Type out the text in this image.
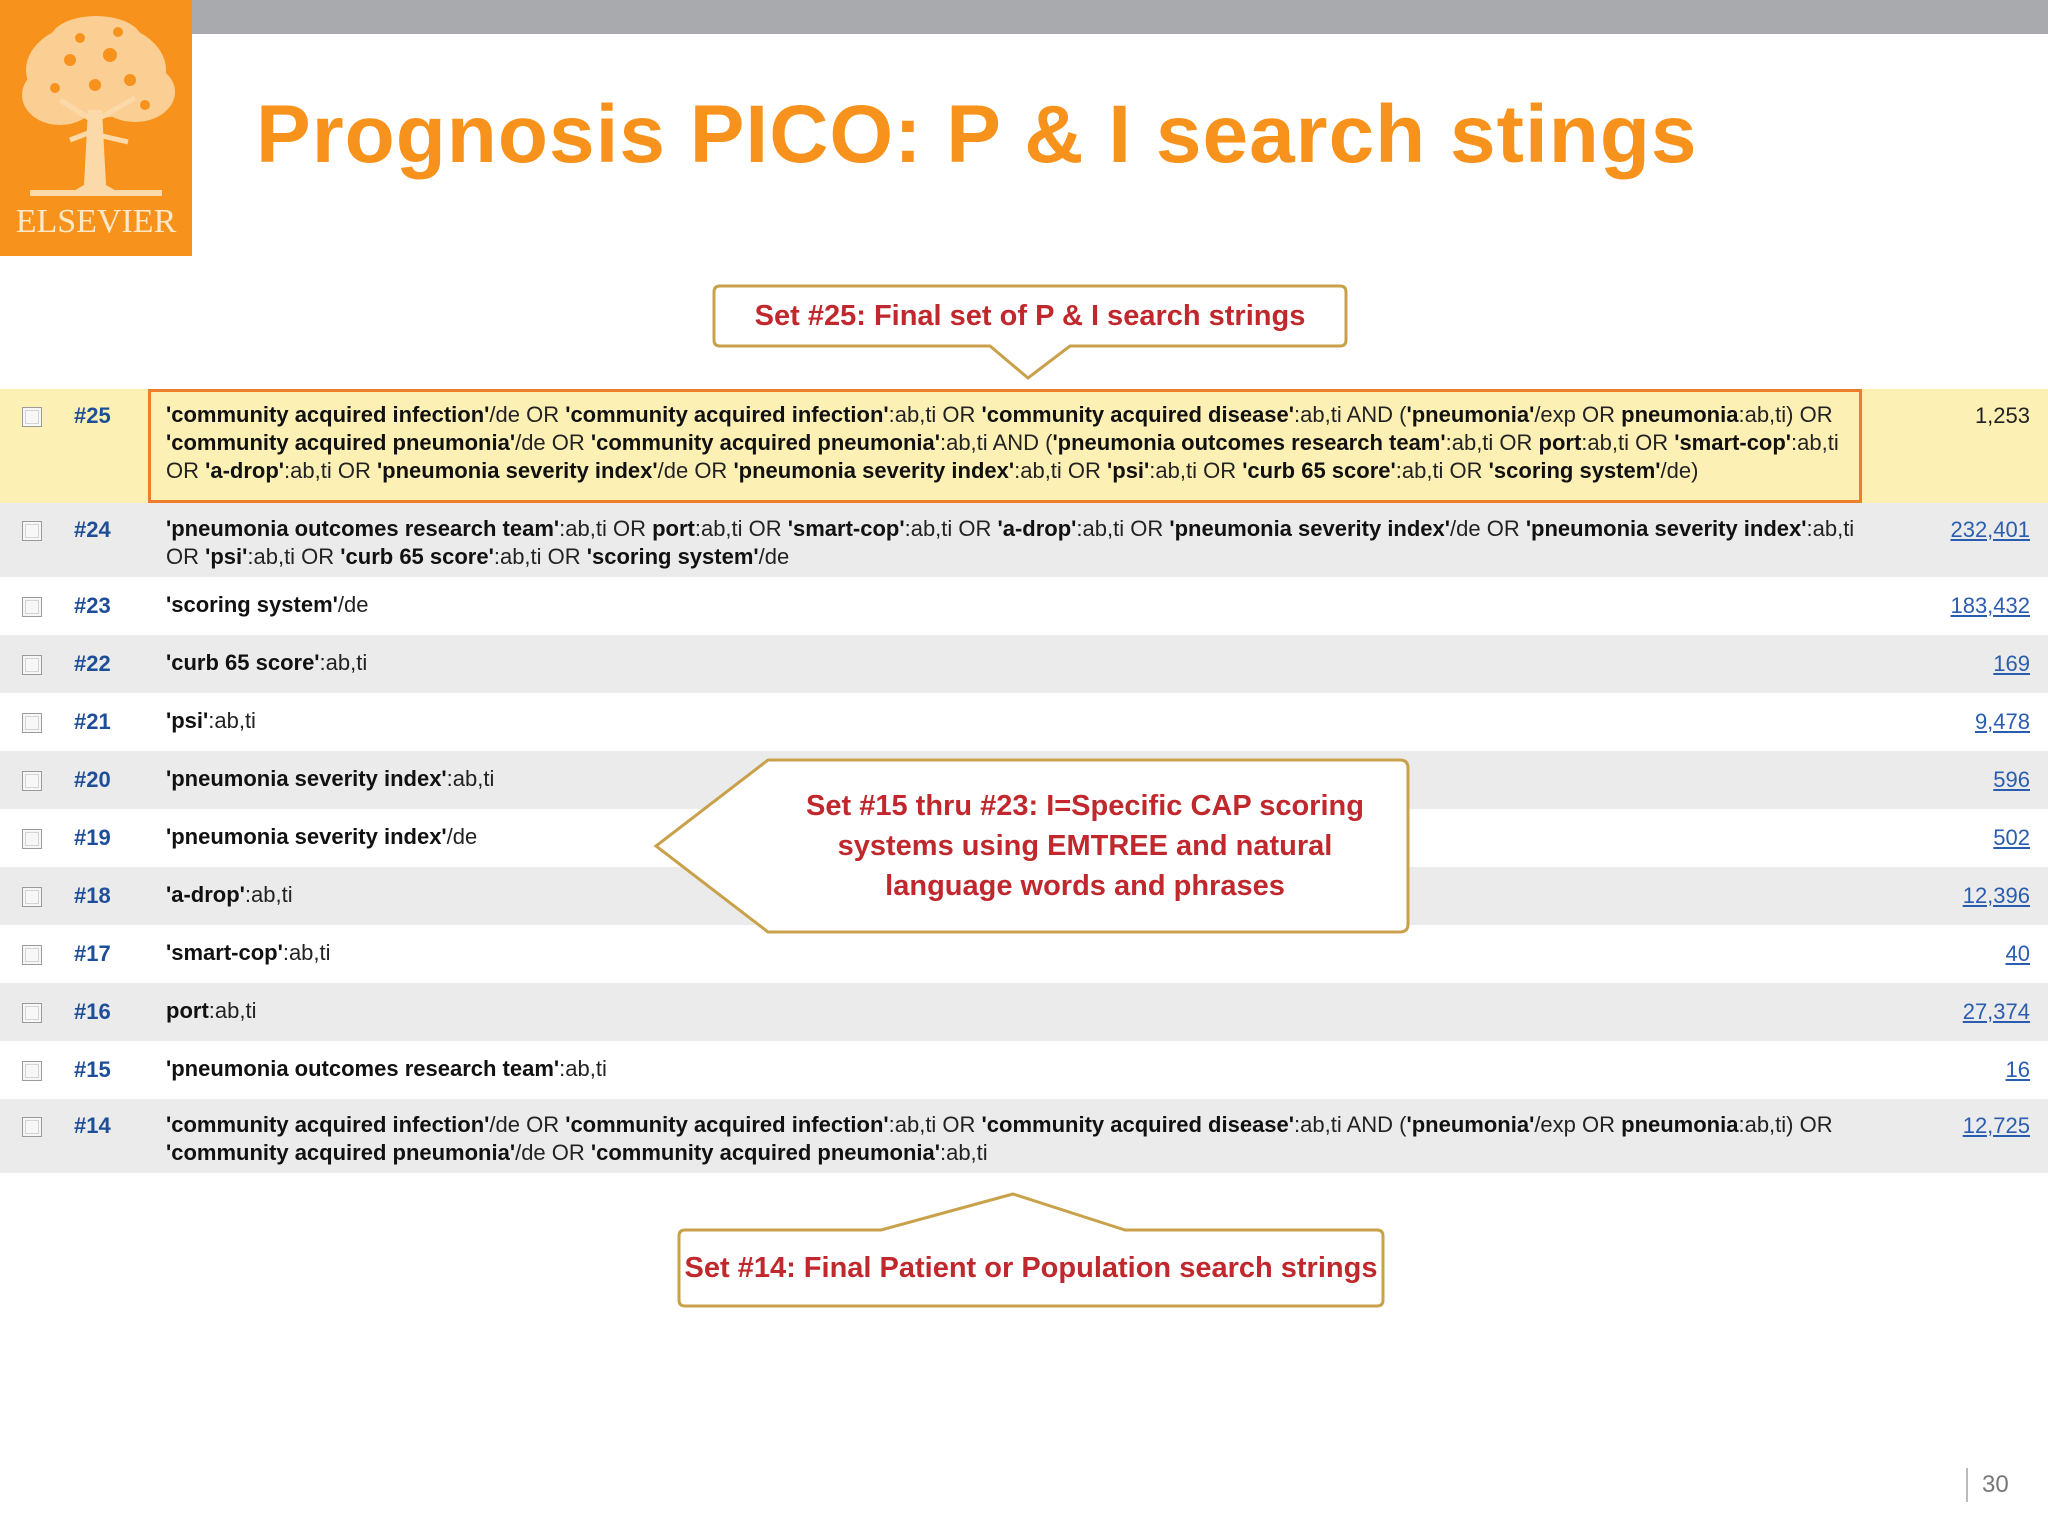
ELSEVIER
Prognosis PICO: P & I search stings
Set #25: Final set of P & I search strings
#25	'community acquired infection'/de OR 'community acquired infection':ab,ti OR 'community acquired disease':ab,ti AND ('pneumonia'/exp OR pneumonia:ab,ti) OR 'community acquired pneumonia'/de OR 'community acquired pneumonia':ab,ti AND ('pneumonia outcomes research team':ab,ti OR port:ab,ti OR 'smart-cop':ab,ti OR 'a-drop':ab,ti OR 'pneumonia severity index'/de OR 'pneumonia severity index':ab,ti OR 'psi':ab,ti OR 'curb 65 score':ab,ti OR 'scoring system'/de)
1,253
#24	'pneumonia outcomes research team':ab,ti OR port:ab,ti OR 'smart-cop':ab,ti OR 'a-drop':ab,ti OR 'pneumonia severity index'/de OR 'pneumonia severity index':ab,ti OR 'psi':ab,ti OR 'curb 65 score':ab,ti OR 'scoring system'/de
232,401
#23	'scoring system'/de	183,432
#22	'curb 65 score':ab,ti	169
#21	'psi':ab,ti	9,478
#20	'pneumonia severity index':ab,ti	596
#19	'pneumonia severity index'/de	502
#18	'a-drop':ab,ti	12,396
#17	'smart-cop':ab,ti	40
#16	port:ab,ti	27,374
#15	'pneumonia outcomes research team':ab,ti	16
#14	'community acquired infection'/de OR 'community acquired infection':ab,ti OR 'community acquired disease':ab,ti AND ('pneumonia'/exp OR pneumonia:ab,ti) OR 'community acquired pneumonia'/de OR 'community acquired pneumonia':ab,ti
12,725
Set #15 thru #23: I=Specific CAP scoring systems using EMTREE and natural language words and phrases
Set #14: Final Patient or Population search strings
30
